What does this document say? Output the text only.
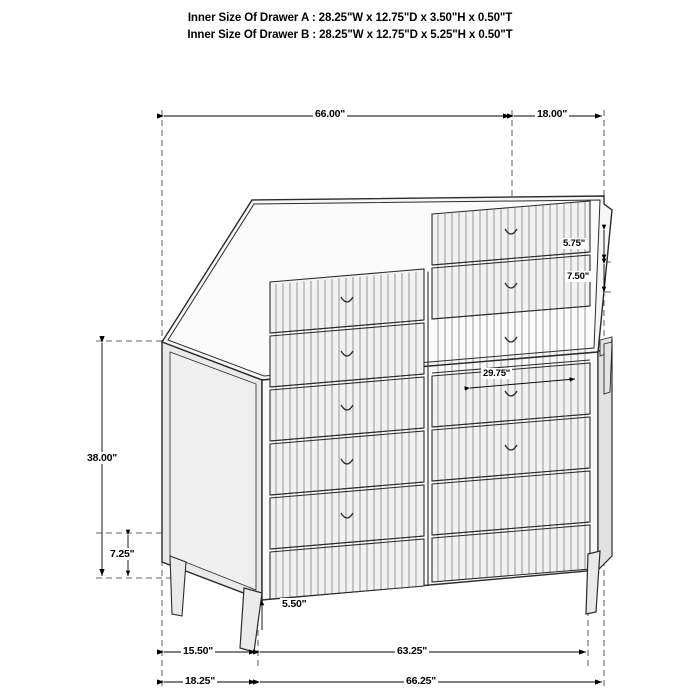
Inner Size Of Drawer A : 28.25"W x 12.75"D x 3.50"H x 0.50"T
Inner Size Of Drawer B : 28.25"W x 12.75"D x 5.25"H x 0.50"T
66.00"	18.00"
5.75"
7.50"
29.75"
38.00"
7.25"
5.50"
15.50"	63.25"
18.25"	66.25"
